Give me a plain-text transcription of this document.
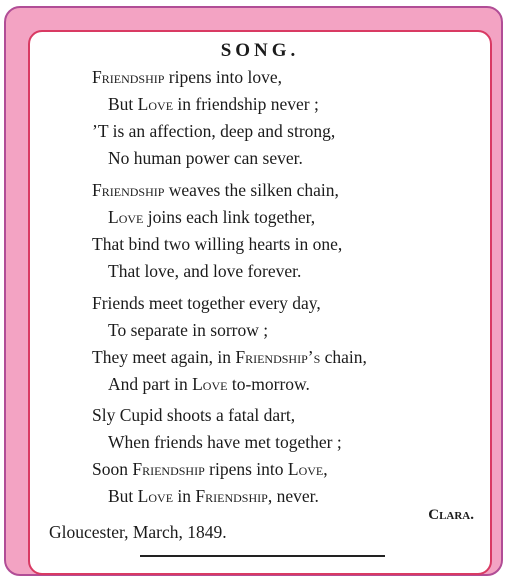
SONG.
Friendship ripens into love,
But Love in friendship never ;
’T is an affection, deep and strong,
No human power can sever.
Friendship weaves the silken chain,
Love joins each link together,
That bind two willing hearts in one,
That love, and love forever.
Friends meet together every day,
To separate in sorrow ;
They meet again, in Friendship’s chain,
And part in Love to-morrow.
Sly Cupid shoots a fatal dart,
When friends have met together ;
Soon Friendship ripens into Love,
But Love in Friendship, never.
Clara.
Gloucester, March, 1849.
